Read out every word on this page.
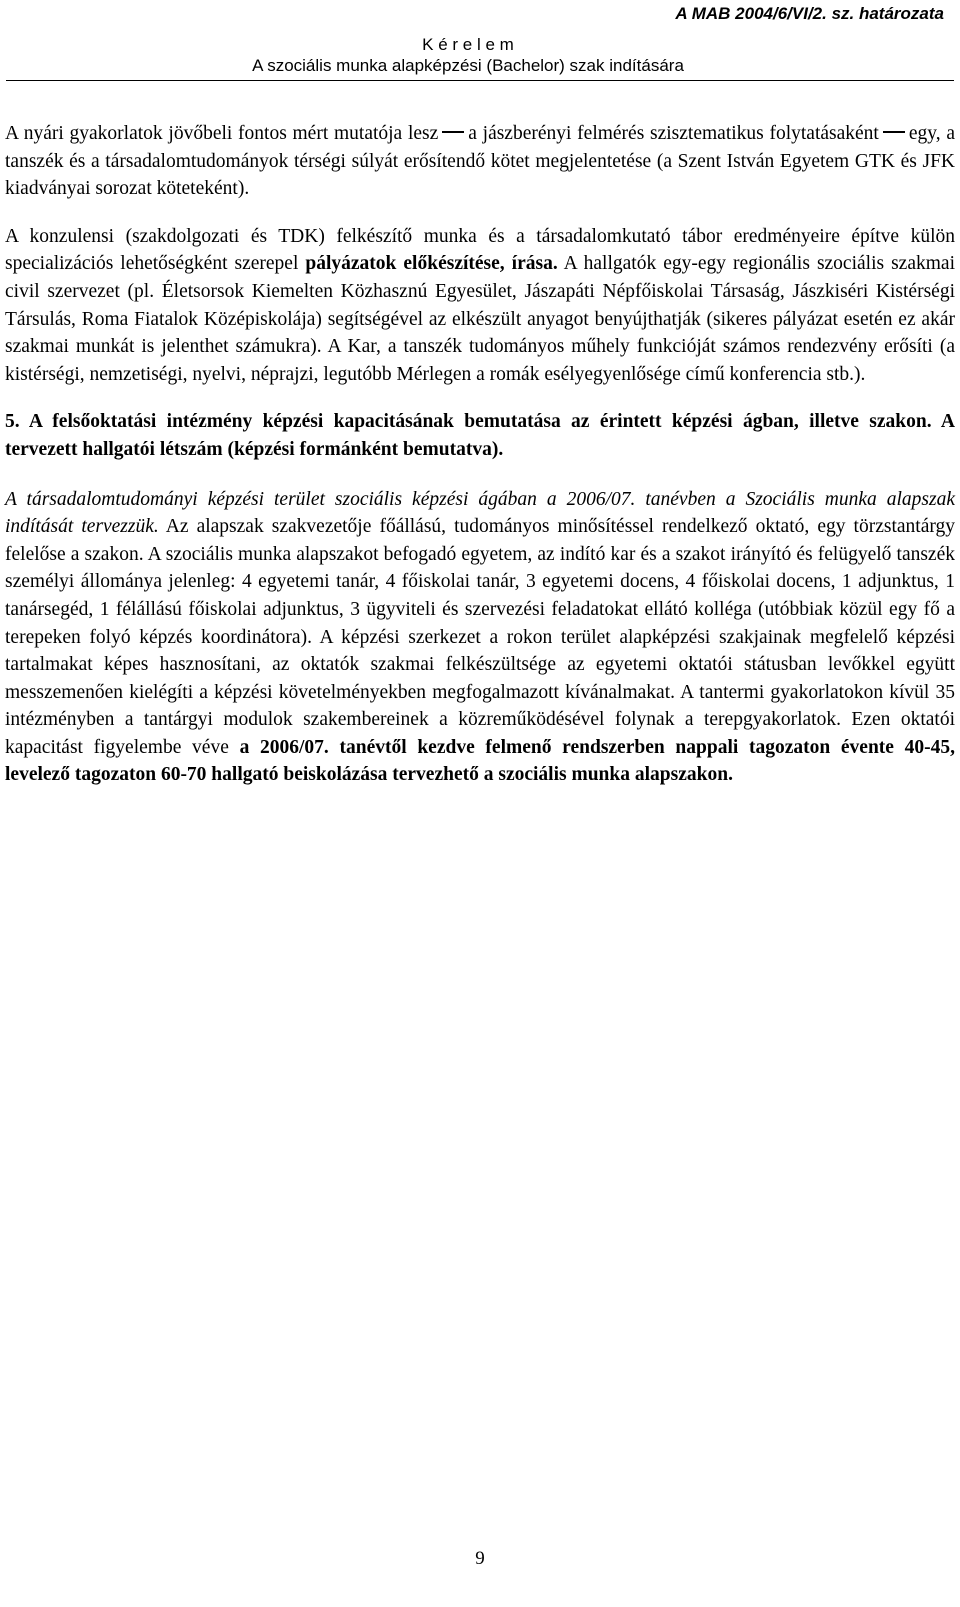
A MAB 2004/6/VI/2. sz. határozata
K é r e l e m
A szociális munka alapképzési (Bachelor) szak indítására

A nyári gyakorlatok jövőbeli fontos mért mutatója lesz a jászberényi felmérés szisztematikus folytatásaként egy, a tanszék és a társadalomtudományok térségi súlyát erősítendő kötet megjelentetése (a Szent István Egyetem GTK és JFK kiadványai sorozat köteteként).

A konzulensi (szakdolgozati és TDK) felkészítő munka és a társadalomkutató tábor eredményeire építve külön specializációs lehetőségként szerepel pályázatok előkészítése, írása. A hallgatók egy-egy regionális szociális szakmai civil szervezet (pl. Életsorsok Kiemelten Közhasznú Egyesület, Jászapáti Népfőiskolai Társaság, Jászkiséri Kistérségi Társulás, Roma Fiatalok Középiskolája) segítségével az elkészült anyagot benyújthatják (sikeres pályázat esetén ez akár szakmai munkát is jelenthet számukra). A Kar, a tanszék tudományos műhely funkcióját számos rendezvény erősíti (a kistérségi, nemzetiségi, nyelvi, néprajzi, legutóbb Mérlegen a romák esélyegyenlősége című konferencia stb.).

5. A felsőoktatási intézmény képzési kapacitásának bemutatása az érintett képzési ágban, illetve szakon. A tervezett hallgatói létszám (képzési formánként bemutatva).

A társadalomtudományi képzési terület szociális képzési ágában a 2006/07. tanévben a Szociális munka alapszak indítását tervezzük. Az alapszak szakvezetője főállású, tudományos minősítéssel rendelkező oktató, egy törzstantárgy felelőse a szakon. A szociális munka alapszakot befogadó egyetem, az indító kar és a szakot irányító és felügyelő tanszék személyi állománya jelenleg: 4 egyetemi tanár, 4 főiskolai tanár, 3 egyetemi docens, 4 főiskolai docens, 1 adjunktus, 1 tanársegéd, 1 félállású főiskolai adjunktus, 3 ügyviteli és szervezési feladatokat ellátó kolléga (utóbbiak közül egy fő a terepeken folyó képzés koordinátora). A képzési szerkezet a rokon terület alapképzési szakjainak megfelelő képzési tartalmakat képes hasznosítani, az oktatók szakmai felkészültsége az egyetemi oktatói státusban levőkkel együtt messzemenően kielégíti a képzési követelményekben megfogalmazott kívánalmakat. A tantermi gyakorlatokon kívül 35 intézményben a tantárgyi modulok szakembereinek a közreműködésével folynak a terepgyakorlatok. Ezen oktatói kapacitást figyelembe véve a 2006/07. tanévtől kezdve felmenő rendszerben nappali tagozaton évente 40-45, levelező tagozaton 60-70 hallgató beiskolázása tervezhető a szociális munka alapszakon.

9
